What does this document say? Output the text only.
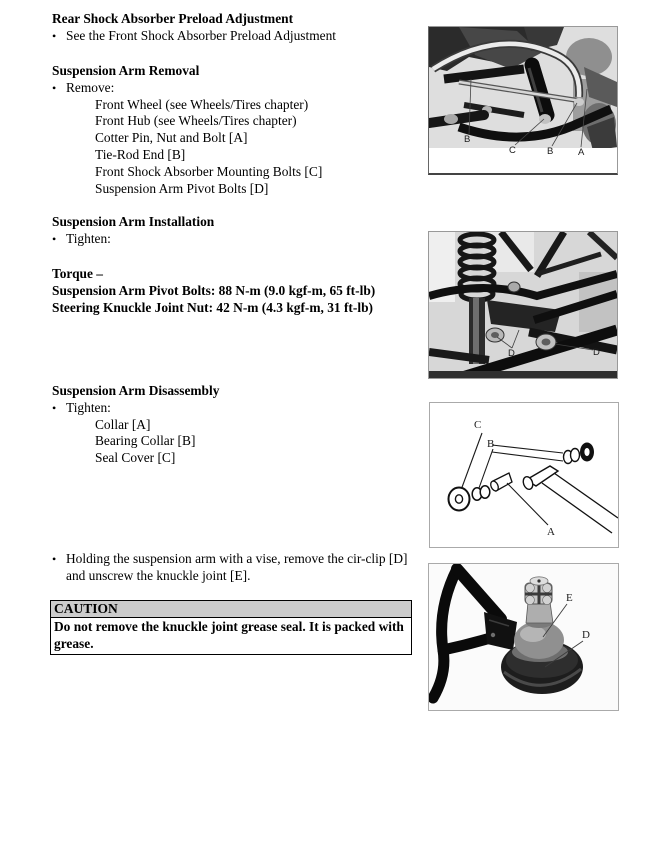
Rear Shock Absorber Preload Adjustment
• See the Front Shock Absorber Preload Adjustment
Suspension Arm Removal
• Remove:
Front Wheel (see Wheels/Tires chapter)
Front Hub (see Wheels/Tires chapter)
Cotter Pin, Nut and Bolt [A]
Tie-Rod End [B]
Front Shock Absorber Mounting Bolts [C]
Suspension Arm Pivot Bolts [D]
Suspension Arm Installation
• Tighten:
Torque –
Suspension Arm Pivot Bolts: 88 N-m (9.0 kgf-m, 65 ft-lb)
Steering Knuckle Joint Nut: 42 N-m (4.3 kgf-m, 31 ft-lb)
Suspension Arm Disassembly
• Tighten:
Collar [A]
Bearing Collar [B]
Seal Cover [C]
• Holding the suspension arm with a vise, remove the cir-clip [D] and unscrew the knuckle joint [E].
CAUTION
Do not remove the knuckle joint grease seal. It is packed with grease.
B
C	B	A
D	D
C
B
A
E
D
